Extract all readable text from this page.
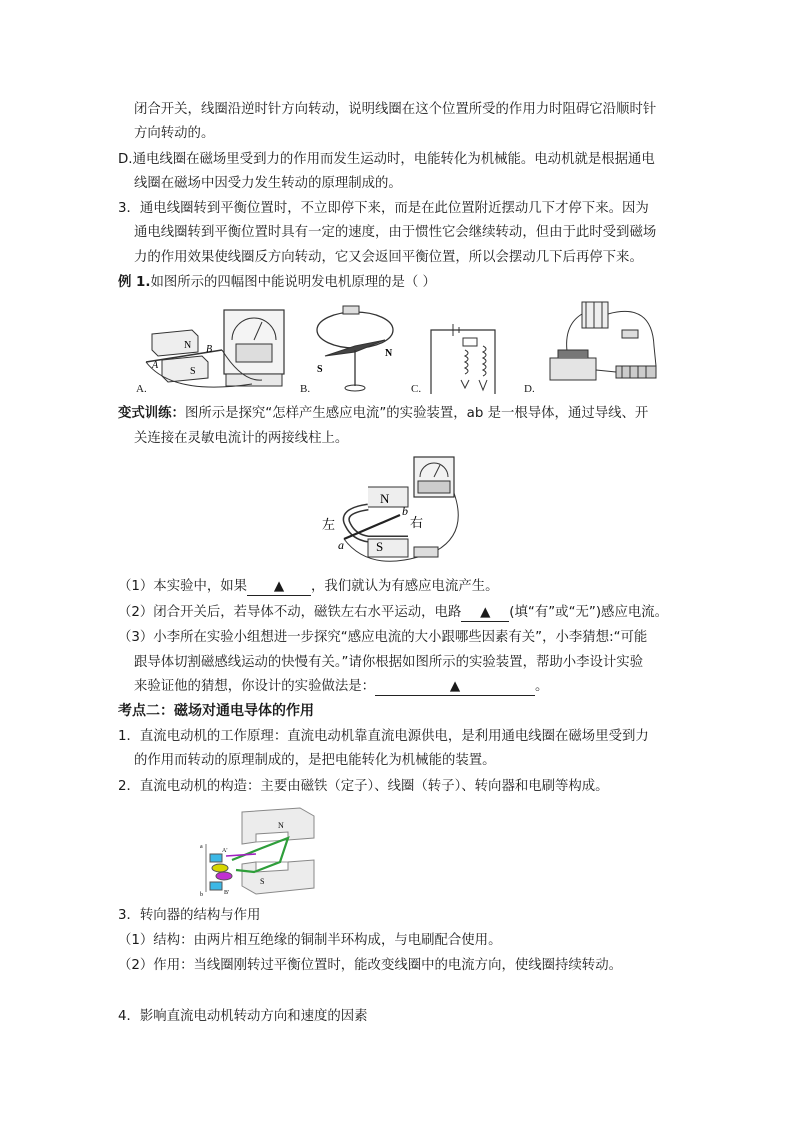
闭合开关，线圈沿逆时针方向转动，说明线圈在这个位置所受的作用力时阻碍它沿顺时针
方向转动的。
D.通电线圈在磁场里受到力的作用而发生运动时，电能转化为机械能。电动机就是根据通电
线圈在磁场中因受力发生转动的原理制成的。
3．通电线圈转到平衡位置时，不立即停下来，而是在此位置附近摆动几下才停下来。因为
通电线圈转到平衡位置时具有一定的速度，由于惯性它会继续转动，但由于此时受到磁场
力的作用效果使线圈反方向转动，它又会返回平衡位置，所以会摆动几下后再停下来。
例 1.如图所示的四幅图中能说明发电机原理的是（ ）
N
S
A
B
A.
S
N
B.	C.	D.
变式训练：图所示是探究“怎样产生感应电流”的实验装置，ab 是一根导体，通过导线、开
关连接在灵敏电流计的两接线柱上。
N
S
左	右
b
a
（1）本实验中，如果 ▲ ，我们就认为有感应电流产生。
（2）闭合开关后，若导体不动，磁铁左右水平运动，电路 ▲ (填“有”或“无”)感应电流。
（3）小李所在实验小组想进一步探究“感应电流的大小跟哪些因素有关”，小李猜想:“可能
跟导体切割磁感线运动的快慢有关。”请你根据如图所示的实验装置，帮助小李设计实验
来验证他的猜想，你设计的实验做法是：	▲	。
考点二：磁场对通电导体的作用
1．直流电动机的工作原理：直流电动机靠直流电源供电，是利用通电线圈在磁场里受到力
的作用而转动的原理制成的，是把电能转化为机械能的装置。
2．直流电动机的构造：主要由磁铁（定子）、线圈（转子）、转向器和电刷等构成。
N
S
A'
B'
a
b
3．转向器的结构与作用
（1）结构：由两片相互绝缘的铜制半环构成，与电刷配合使用。
（2）作用：当线圈刚转过平衡位置时，能改变线圈中的电流方向，使线圈持续转动。
4．影响直流电动机转动方向和速度的因素
